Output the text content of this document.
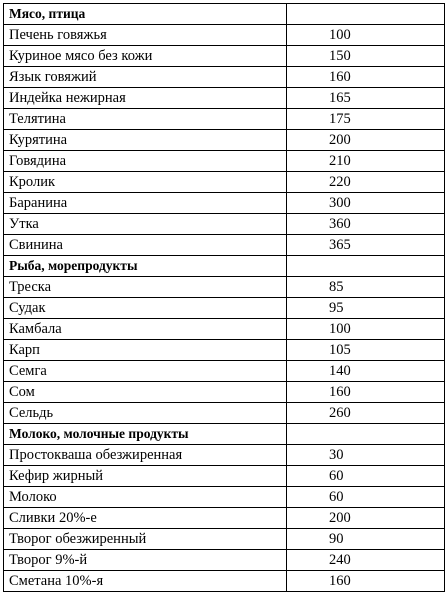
Мясо, птица	
Печень говяжья	100
Куриное мясо без кожи	150
Язык говяжий	160
Индейка нежирная	165
Телятина	175
Курятина	200
Говядина	210
Кролик	220
Баранина	300
Утка	360
Свинина	365
Рыба, морепродукты	
Треска	85
Судак	95
Камбала	100
Карп	105
Семга	140
Сом	160
Сельдь	260
Молоко, молочные продукты	
Простокваша обезжиренная	30
Кефир жирный	60
Молоко	60
Сливки 20%-е	200
Творог обезжиренный	90
Творог 9%-й	240
Сметана 10%-я	160
